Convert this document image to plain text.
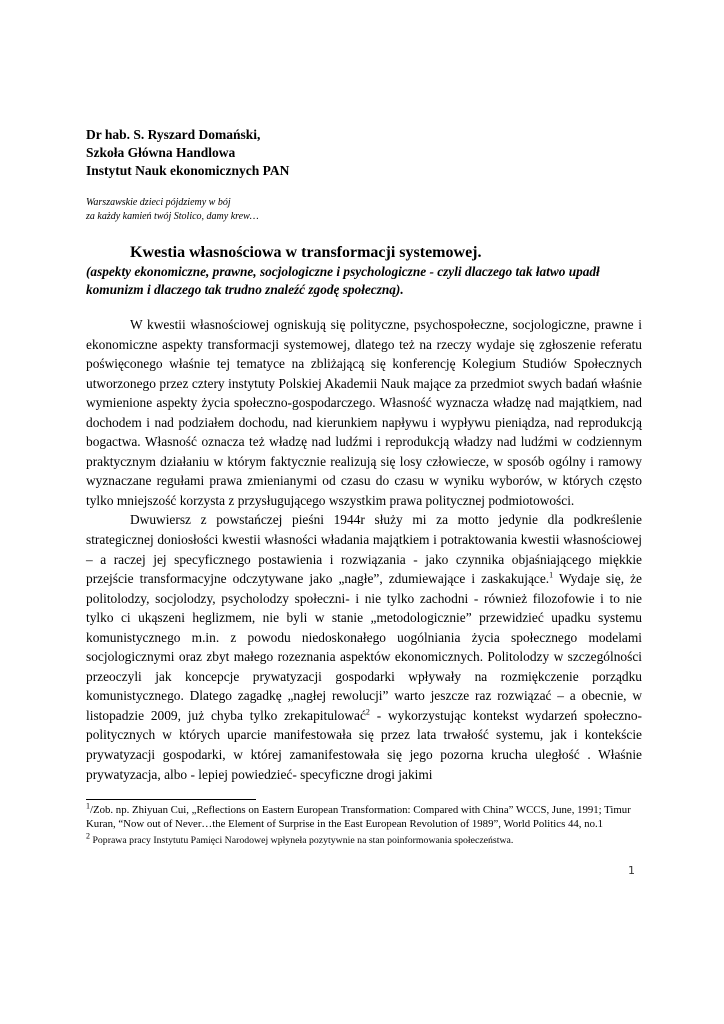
Dr hab. S. Ryszard Domański,
Szkoła Główna Handlowa
Instytut Nauk ekonomicznych PAN
Warszawskie dzieci pójdziemy w bój
za każdy kamień twój Stolico, damy krew…
Kwestia własnościowa w transformacji systemowej.
(aspekty ekonomiczne, prawne, socjologiczne i psychologiczne - czyli dlaczego tak łatwo upadł komunizm i dlaczego tak trudno znaleźć zgodę społeczną).

W kwestii własnościowej ogniskują się polityczne, psychospołeczne, socjologiczne, prawne i ekonomiczne aspekty transformacji systemowej, dlatego też na rzeczy wydaje się zgłoszenie referatu poświęconego właśnie tej tematyce na zbliżającą się konferencję Kolegium Studiów Społecznych utworzonego przez cztery instytuty Polskiej Akademii Nauk mające za przedmiot swych badań właśnie wymienione aspekty życia społeczno-gospodarczego. Własność wyznacza władzę nad majątkiem, nad dochodem i nad podziałem dochodu, nad kierunkiem napływu i wypływu pieniądza, nad reprodukcją bogactwa. Własność oznacza też władzę nad ludźmi i reprodukcją władzy nad ludźmi w codziennym praktycznym działaniu w którym faktycznie realizują się losy człowiecze, w sposób ogólny i ramowy wyznaczane regułami prawa zmienianymi od czasu do czasu w wyniku wyborów, w których często tylko mniejszość korzysta z przysługującego wszystkim prawa politycznej podmiotowości.

Dwuwiersz z powstańczej pieśni 1944r służy mi za motto jedynie dla podkreślenie strategicznej doniosłości kwestii własności władania majątkiem i potraktowania kwestii własnościowej – a raczej jej specyficznego postawienia i rozwiązania - jako czynnika objaśniającego miękkie przejście transformacyjne odczytywane jako „nagłe”, zdumiewające i zaskakujące.$^1$ Wydaje się, że politolodzy, socjolodzy, psycholodzy społeczni- i nie tylko zachodni - również filozofowie i to nie tylko ci ukąszeni heglizmem, nie byli w stanie „metodologicznie” przewidzieć upadku systemu komunistycznego m.in. z powodu niedoskonałego uogólniania życia społecznego modelami socjologicznymi oraz zbyt małego rozeznania aspektów ekonomicznych. Politolodzy w szczególności przeoczyli jak koncepcje prywatyzacji gospodarki wpływały na rozmiękczenie porządku komunistycznego. Dlatego zagadkę „nagłej rewolucji” warto jeszcze raz rozwiązać – a obecnie, w listopadzie 2009, już chyba tylko zrekapitulować$^2$ - wykorzystując kontekst wydarzeń społeczno-politycznych w których uparcie manifestowała się przez lata trwałość systemu, jak i kontekście prywatyzacji gospodarki, w której zamanifestowała się jego pozorna krucha uległość . Właśnie prywatyzacja, albo - lepiej powiedzieć- specyficzne drogi jakimi

$^1$/Zob. np. Zhiyuan Cui, „Reflections on Eastern European Transformation: Compared with China” WCCS, June, 1991; Timur Kuran, “Now out of Never…the Element of Surprise in the East European Revolution of 1989”, World Politics 44, no.1

$^2$ Poprawa pracy Instytutu Pamięci Narodowej wpłyneła pozytywnie na stan poinformowania społeczeństwa.

1
